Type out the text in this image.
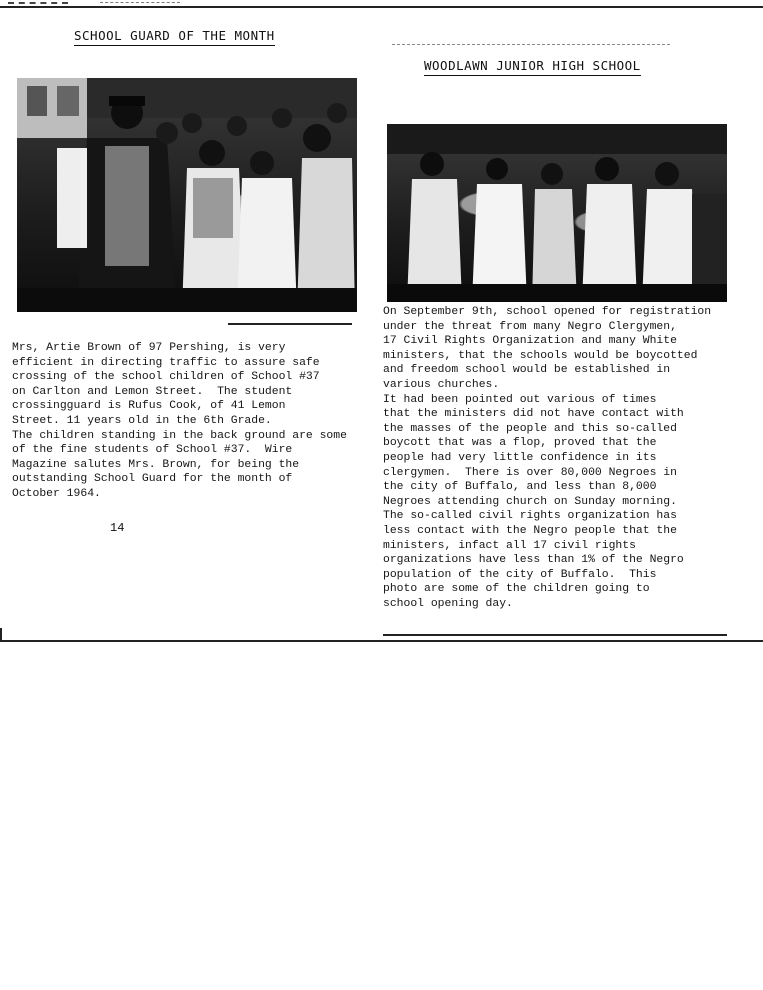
SCHOOL GUARD OF THE MONTH
Mrs, Artie Brown of 97 Pershing, is very
efficient in directing traffic to assure safe
crossing of the school children of School #37
on Carlton and Lemon Street.  The student
crossingguard is Rufus Cook, of 41 Lemon
Street. 11 years old in the 6th Grade.
The children standing in the back ground are some
of the fine students of School #37.  Wire
Magazine salutes Mrs. Brown, for being the
outstanding School Guard for the month of
October 1964.
14
WOODLAWN JUNIOR HIGH SCHOOL
On September 9th, school opened for registration
under the threat from many Negro Clergymen,
17 Civil Rights Organization and many White
ministers, that the schools would be boycotted
and freedom school would be established in
various churches.
It had been pointed out various of times
that the ministers did not have contact with
the masses of the people and this so-called
boycott that was a flop, proved that the
people had very little confidence in its
clergymen.  There is over 80,000 Negroes in
the city of Buffalo, and less than 8,000
Negroes attending church on Sunday morning.
The so-called civil rights organization has
less contact with the Negro people that the
ministers, infact all 17 civil rights
organizations have less than 1% of the Negro
population of the city of Buffalo.  This
photo are some of the children going to
school opening day.
